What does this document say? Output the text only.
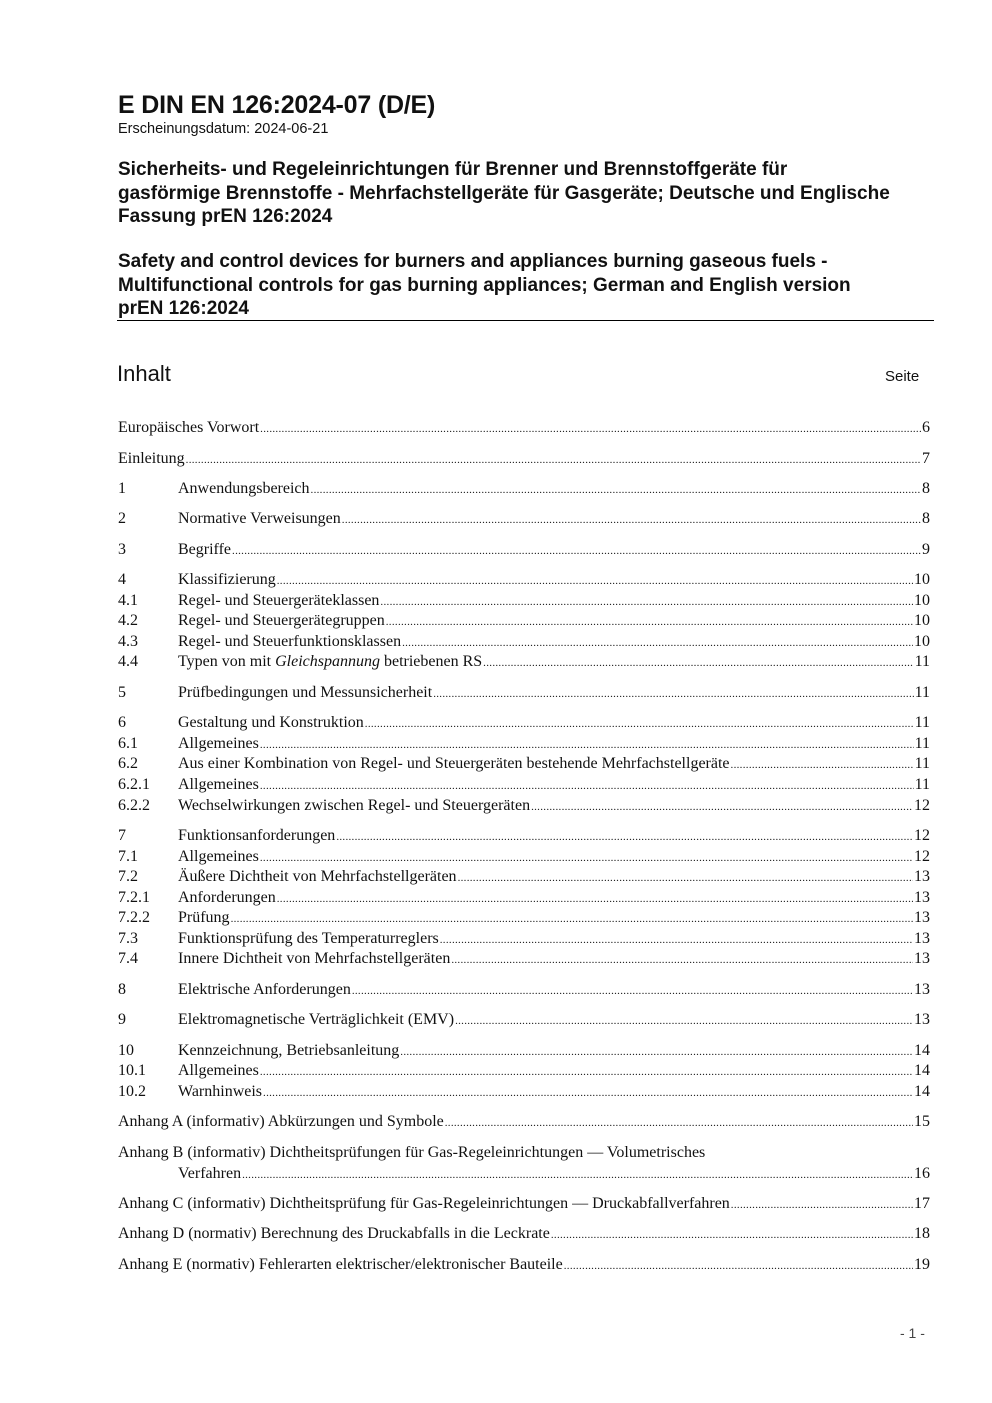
E DIN EN 126:2024-07 (D/E)
Erscheinungsdatum: 2024-06-21
Sicherheits- und Regeleinrichtungen für Brenner und Brennstoffgeräte für
gasförmige Brennstoffe - Mehrfachstellgeräte für Gasgeräte; Deutsche und Englische
Fassung prEN 126:2024
Safety and control devices for burners and appliances burning gaseous fuels -
Multifunctional controls for gas burning appliances; German and English version
prEN 126:2024
Inhalt	Seite
Europäisches Vorwort .....	6
Einleitung .....	7
1	Anwendungsbereich .....	8
2	Normative Verweisungen .....	8
3	Begriffe .....	9
4	Klassifizierung .....	10
4.1	Regel- und Steuergeräteklassen .....	10
4.2	Regel- und Steuergerätegruppen .....	10
4.3	Regel- und Steuerfunktionsklassen .....	10
4.4	Typen von mit Gleichspannung betriebenen RS .....	11
5	Prüfbedingungen und Messunsicherheit .....	11
6	Gestaltung und Konstruktion .....	11
6.1	Allgemeines .....	11
6.2	Aus einer Kombination von Regel- und Steuergeräten bestehende Mehrfachstellgeräte .....	11
6.2.1	Allgemeines .....	11
6.2.2	Wechselwirkungen zwischen Regel- und Steuergeräten .....	12
7	Funktionsanforderungen .....	12
7.1	Allgemeines .....	12
7.2	Äußere Dichtheit von Mehrfachstellgeräten .....	13
7.2.1	Anforderungen .....	13
7.2.2	Prüfung .....	13
7.3	Funktionsprüfung des Temperaturreglers .....	13
7.4	Innere Dichtheit von Mehrfachstellgeräten .....	13
8	Elektrische Anforderungen .....	13
9	Elektromagnetische Verträglichkeit (EMV) .....	13
10	Kennzeichnung, Betriebsanleitung .....	14
10.1	Allgemeines .....	14
10.2	Warnhinweis .....	14
Anhang A (informativ) Abkürzungen und Symbole .....	15
Anhang B (informativ) Dichtheitsprüfungen für Gas-Regeleinrichtungen — Volumetrisches
Verfahren .....	16
Anhang C (informativ) Dichtheitsprüfung für Gas-Regeleinrichtungen — Druckabfallverfahren .....	17
Anhang D (normativ) Berechnung des Druckabfalls in die Leckrate .....	18
Anhang E (normativ) Fehlerarten elektrischer/elektronischer Bauteile .....	19
- 1 -
